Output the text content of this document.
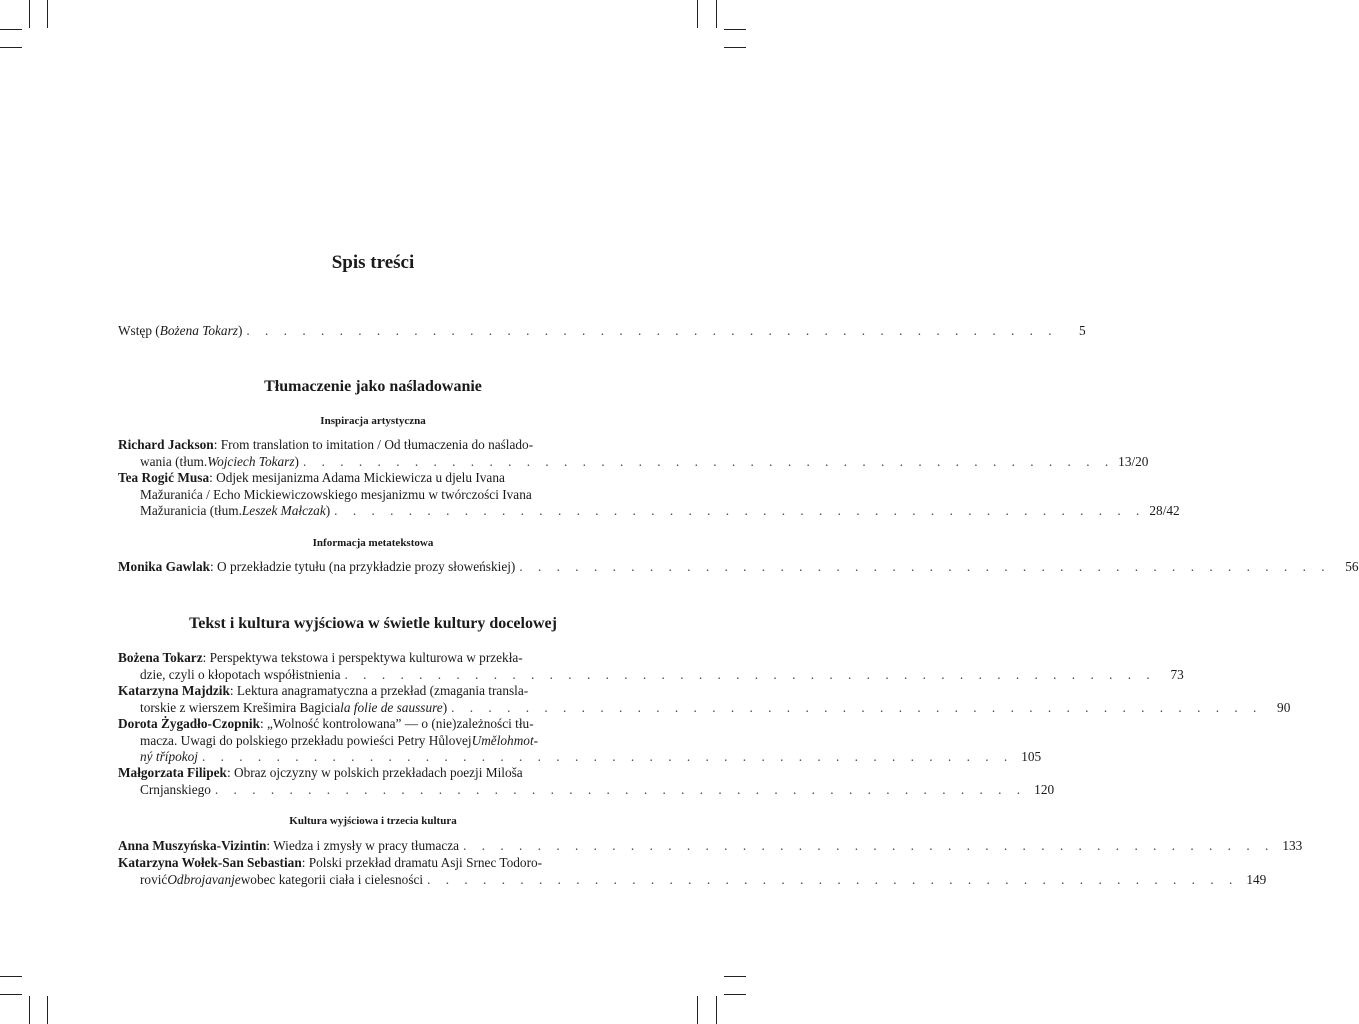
Spis treści
Wstęp ( Bożena Tokarz ) . . . . . . . . . . . . . . . . . . . . . . . . . . . . . . . . . . . . . . . . . . . .	5
Tłumaczenie jako naśladowanie
Inspiracja artystyczna
Richard Jackson : From translation to imitation / Od tłumaczenia do naślado-
wania (tłum. Wojciech Tokarz ) . . . . . . . . . . . . . . . . . . . . . . . . . . . . . . . . . . . . . . . . . . . . 13/20
Tea Rogić Musa : Odjek mesijanizma Adama Mickiewicza u djelu Ivana
Mažuranića / Echo Mickiewiczowskiego mesjanizmu w twórczości Ivana
Mažuranicia (tłum. Leszek Małczak ) . . . . . . . . . . . . . . . . . . . . . . . . . . . . . . . . . . . . . . . . . . . . 28/42
Informacja metatekstowa
Monika Gawlak : O przekładzie tytułu (na przykładzie prozy słoweńskiej) . . . . . . . . . . . . . . . . . . . . . . . . . . . . . . . . . . . . . . . . . . . .	56
Tekst i kultura wyjściowa w świetle kultury docelowej
Bożena Tokarz : Perspektywa tekstowa i perspektywa kulturowa w przekła-
dzie, czyli o kłopotach współistnienia . . . . . . . . . . . . . . . . . . . . . . . . . . . . . . . . . . . . . . . . . . . .	73
Katarzyna Majdzik : Lektura anagramatyczna a przekład (zmagania transla-
torskie z wierszem Krešimira Bagicia la folie de saussure ) . . . . . . . . . . . . . . . . . . . . . . . . . . . . . . . . . . . . . . . . . . . .	90
Dorota Żygadło-Czopnik : „Wolność kontrolowana” — o (nie)zależności tłu-
macza. Uwagi do polskiego przekładu powieści Petry Hůlovej Umělohmot-
ný třípokoj . . . . . . . . . . . . . . . . . . . . . . . . . . . . . . . . . . . . . . . . . . . . 105
Małgorzata Filipek : Obraz ojczyzny w polskich przekładach poezji Miloša
Crnjanskiego . . . . . . . . . . . . . . . . . . . . . . . . . . . . . . . . . . . . . . . . . . . . 120
Kultura wyjściowa i trzecia kultura
Anna Muszyńska-Vizintin : Wiedza i zmysły w pracy tłumacza . . . . . . . . . . . . . . . . . . . . . . . . . . . . . . . . . . . . . . . . . . . . 133
Katarzyna Wołek-San Sebastian : Polski przekład dramatu Asji Srnec Todoro-
rović Odbrojavanje wobec kategorii ciała i cielesności . . . . . . . . . . . . . . . . . . . . . . . . . . . . . . . . . . . . . . . . . . . . 149
